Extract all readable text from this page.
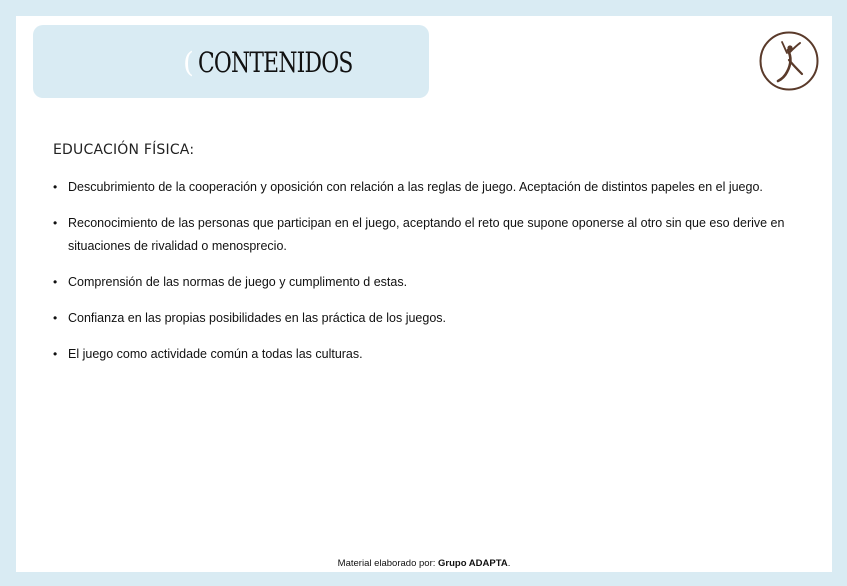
( CONTENIDOS
EDUCACIÓN FÍSICA:
• Descubrimiento de la cooperación y oposición con relación a las reglas de juego. Aceptación de distintos papeles en el juego.
• Reconocimiento de las personas que participan en el juego, aceptando el reto que supone oponerse al otro sin que eso derive en situaciones de rivalidad o menosprecio.
• Comprensión de las normas de juego y cumplimento d estas.
• Confianza en las propias posibilidades en las práctica de los juegos.
• El juego como actividade común a todas las culturas.
Material elaborado por: Grupo ADAPTA.
